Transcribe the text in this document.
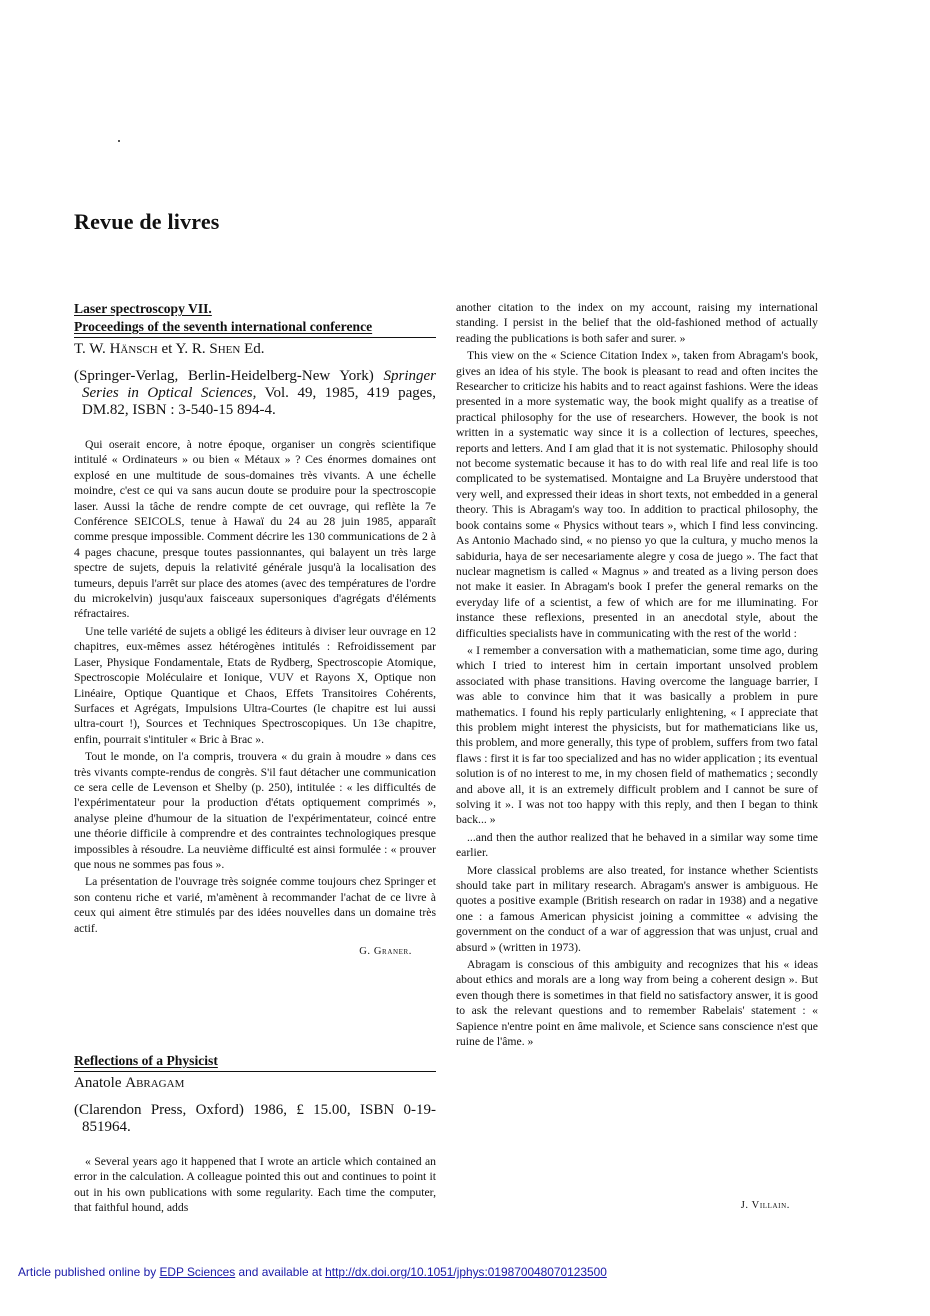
Revue de livres
Laser spectroscopy VII.
Proceedings of the seventh international conference
T. W. Hänsch et Y. R. Shen Ed.
(Springer-Verlag, Berlin-Heidelberg-New York) Springer Series in Optical Sciences, Vol. 49, 1985, 419 pages, DM.82, ISBN : 3-540-15 894-4.

Qui oserait encore, à notre époque, organiser un congrès scientifique intitulé « Ordinateurs » ou bien « Métaux » ? Ces énormes domaines ont explosé en une multitude de sous-domaines très vivants. A une échelle moindre, c'est ce qui va sans aucun doute se produire pour la spectroscopie laser. Aussi la tâche de rendre compte de cet ouvrage, qui reflète la 7e Conférence SEICOLS, tenue à Hawaï du 24 au 28 juin 1985, apparaît comme presque impossible. Comment décrire les 130 communications de 2 à 4 pages chacune, presque toutes passionnantes, qui balayent un très large spectre de sujets, depuis la relativité générale jusqu'à la localisation des tumeurs, depuis l'arrêt sur place des atomes (avec des températures de l'ordre du microkelvin) jusqu'aux faisceaux supersoniques d'agrégats d'éléments réfractaires.

Une telle variété de sujets a obligé les éditeurs à diviser leur ouvrage en 12 chapitres, eux-mêmes assez hétérogènes intitulés : Refroidissement par Laser, Physique Fondamentale, Etats de Rydberg, Spectroscopie Atomique, Spectroscopie Moléculaire et Ionique, VUV et Rayons X, Optique non Linéaire, Optique Quantique et Chaos, Effets Transitoires Cohérents, Surfaces et Agrégats, Impulsions Ultra-Courtes (le chapitre est lui aussi ultra-court !), Sources et Techniques Spectroscopiques. Un 13e chapitre, enfin, pourrait s'intituler « Bric à Brac ».

Tout le monde, on l'a compris, trouvera « du grain à moudre » dans ces très vivants compte-rendus de congrès. S'il faut détacher une communication ce sera celle de Levenson et Shelby (p. 250), intitulée : « les difficultés de l'expérimentateur pour la production d'états optiquement comprimés », analyse pleine d'humour de la situation de l'expérimentateur, coincé entre une théorie difficile à comprendre et des contraintes technologiques presque impossibles à résoudre. La neuvième difficulté est ainsi formulée : « prouver que nous ne sommes pas fous ».

La présentation de l'ouvrage très soignée comme toujours chez Springer et son contenu riche et varié, m'amènent à recommander l'achat de ce livre à ceux qui aiment être stimulés par des idées nouvelles dans un domaine très actif.

G. Graner.
Reflections of a Physicist
Anatole Abragam
(Clarendon Press, Oxford) 1986, £ 15.00, ISBN 0-19-851964.

« Several years ago it happened that I wrote an article which contained an error in the calculation. A colleague pointed this out and continues to point it out in his own publications with some regularity. Each time the computer, that faithful hound, adds

another citation to the index on my account, raising my international standing. I persist in the belief that the old-fashioned method of actually reading the publications is both safer and surer. »

This view on the « Science Citation Index », taken from Abragam's book, gives an idea of his style. The book is pleasant to read and often incites the Researcher to criticize his habits and to react against fashions. Were the ideas presented in a more systematic way, the book might qualify as a treatise of practical philosophy for the use of researchers. However, the book is not written in a systematic way since it is a collection of lectures, speeches, reports and letters. And I am glad that it is not systematic. Philosophy should not become systematic because it has to do with real life and real life is too complicated to be systematised. Montaigne and La Bruyère understood that very well, and expressed their ideas in short texts, not embedded in a general theory. This is Abragam's way too. In addition to practical philosophy, the book contains some « Physics without tears », which I find less convincing. As Antonio Machado sind, « no pienso yo que la cultura, y mucho menos la sabiduria, haya de ser necesariamente alegre y cosa de juego ». The fact that nuclear magnetism is called « Magnus » and treated as a living person does not make it easier. In Abragam's book I prefer the general remarks on the everyday life of a scientist, a few of which are for me illuminating. For instance these reflexions, presented in an anecdotal style, about the difficulties specialists have in communicating with the rest of the world :

« I remember a conversation with a mathematician, some time ago, during which I tried to interest him in certain important unsolved problem associated with phase transitions. Having overcome the language barrier, I was able to convince him that it was basically a problem in pure mathematics. I found his reply particularly enlightening, « I appreciate that this problem might interest the physicists, but for mathematicians like us, this problem, and more generally, this type of problem, suffers from two fatal flaws : first it is far too specialized and has no wider application ; its eventual solution is of no interest to me, in my chosen field of mathematics ; secondly and above all, it is an extremely difficult problem and I cannot be sure of solving it ». I was not too happy with this reply, and then I began to think back... »

...and then the author realized that he behaved in a similar way some time earlier.

More classical problems are also treated, for instance whether Scientists should take part in military research. Abragam's answer is ambiguous. He quotes a positive example (British research on radar in 1938) and a negative one : a famous American physicist joining a committee « advising the government on the conduct of a war of aggression that was unjust, crual and absurd » (written in 1973).

Abragam is conscious of this ambiguity and recognizes that his « ideas about ethics and morals are a long way from being a coherent design ». But even though there is sometimes in that field no satisfactory answer, it is good to ask the relevant questions and to remember Rabelais' statement : « Sapience n'entre point en âme malivole, et Science sans conscience n'est que ruine de l'âme. »

J. Villain.
Article published online by EDP Sciences and available at http://dx.doi.org/10.1051/jphys:019870048070123500
